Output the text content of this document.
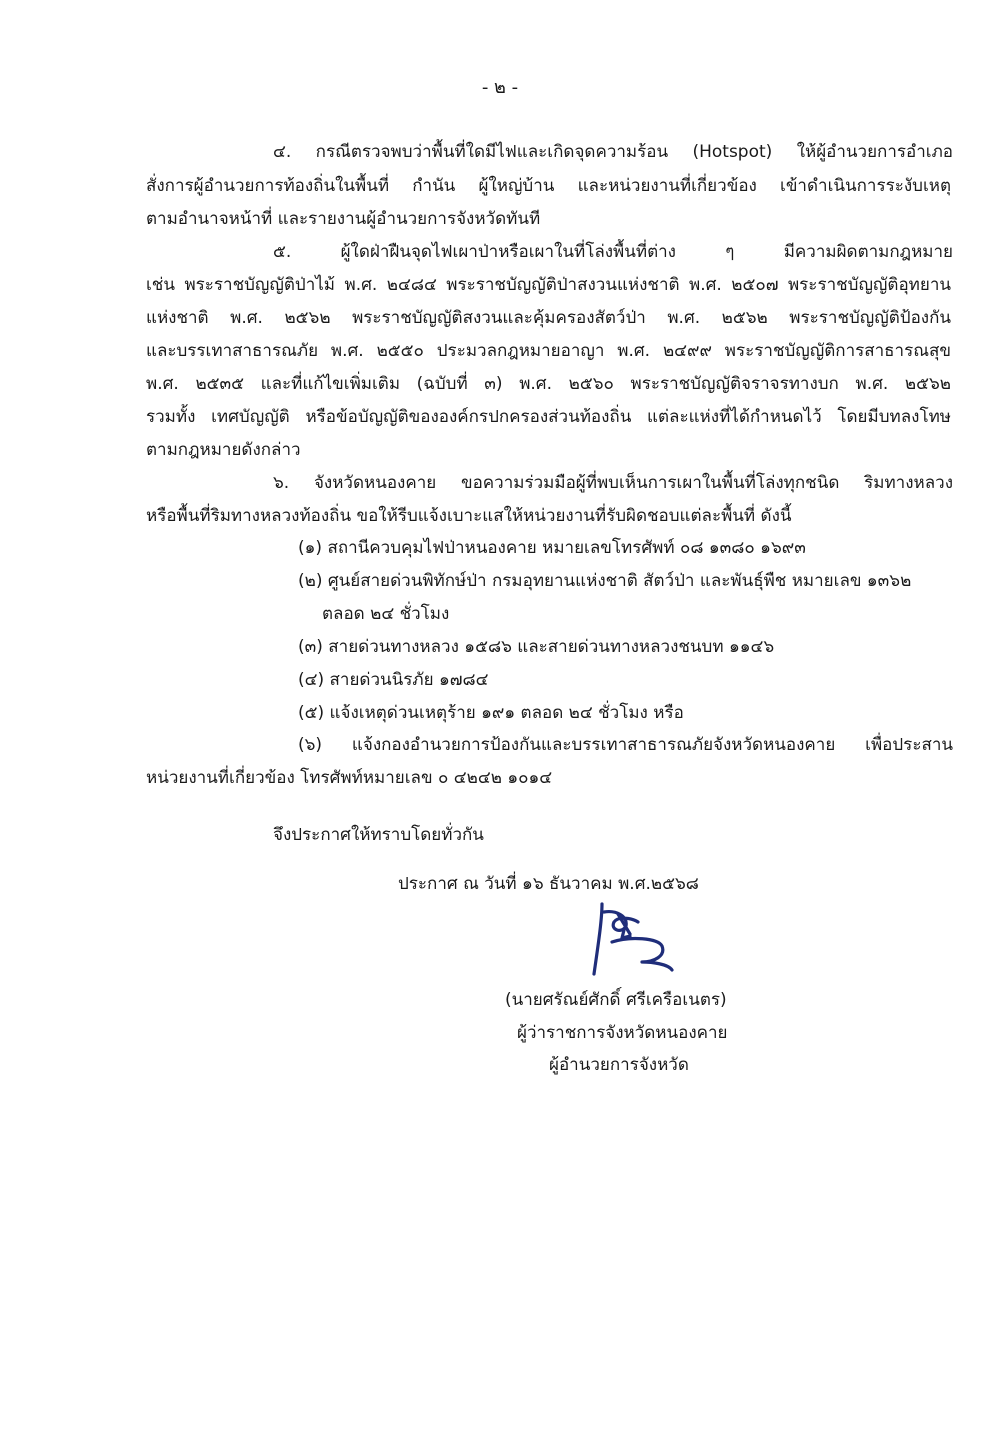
- ๒ -
๔. กรณีตรวจพบว่าพื้นที่ใดมีไฟและเกิดจุดความร้อน (Hotspot) ให้ผู้อำนวยการอำเภอ
สั่งการผู้อำนวยการท้องถิ่นในพื้นที่ กำนัน ผู้ใหญ่บ้าน และหน่วยงานที่เกี่ยวข้อง เข้าดำเนินการระงับเหตุ
ตามอำนาจหน้าที่ และรายงานผู้อำนวยการจังหวัดทันที
๕. ผู้ใดฝ่าฝืนจุดไฟเผาป่าหรือเผาในที่โล่งพื้นที่ต่าง ๆ มีความผิดตามกฎหมาย
เช่น พระราชบัญญัติป่าไม้ พ.ศ. ๒๔๘๔ พระราชบัญญัติป่าสงวนแห่งชาติ พ.ศ. ๒๕๐๗ พระราชบัญญัติอุทยาน
แห่งชาติ พ.ศ. ๒๕๖๒ พระราชบัญญัติสงวนและคุ้มครองสัตว์ป่า พ.ศ. ๒๕๖๒ พระราชบัญญัติป้องกัน
และบรรเทาสาธารณภัย พ.ศ. ๒๕๕๐ ประมวลกฎหมายอาญา พ.ศ. ๒๔๙๙ พระราชบัญญัติการสาธารณสุข
พ.ศ. ๒๕๓๕ และที่แก้ไขเพิ่มเติม (ฉบับที่ ๓) พ.ศ. ๒๕๖๐ พระราชบัญญัติจราจรทางบก พ.ศ. ๒๕๖๒
รวมทั้ง เทศบัญญัติ หรือข้อบัญญัติขององค์กรปกครองส่วนท้องถิ่น แต่ละแห่งที่ได้กำหนดไว้ โดยมีบทลงโทษ
ตามกฎหมายดังกล่าว
๖. จังหวัดหนองคาย ขอความร่วมมือผู้ที่พบเห็นการเผาในพื้นที่โล่งทุกชนิด ริมทางหลวง
หรือพื้นที่ริมทางหลวงท้องถิ่น ขอให้รีบแจ้งเบาะแสให้หน่วยงานที่รับผิดชอบแต่ละพื้นที่ ดังนี้
(๑) สถานีควบคุมไฟป่าหนองคาย หมายเลขโทรศัพท์ ๐๘ ๑๓๘๐ ๑๖๙๓
(๒) ศูนย์สายด่วนพิทักษ์ป่า กรมอุทยานแห่งชาติ สัตว์ป่า และพันธุ์พืช หมายเลข ๑๓๖๒
ตลอด ๒๔ ชั่วโมง
(๓) สายด่วนทางหลวง ๑๕๘๖ และสายด่วนทางหลวงชนบท ๑๑๔๖
(๔) สายด่วนนิรภัย ๑๗๘๔
(๕) แจ้งเหตุด่วนเหตุร้าย ๑๙๑ ตลอด ๒๔ ชั่วโมง หรือ
(๖) แจ้งกองอำนวยการป้องกันและบรรเทาสาธารณภัยจังหวัดหนองคาย เพื่อประสาน
หน่วยงานที่เกี่ยวข้อง โทรศัพท์หมายเลข ๐ ๔๒๔๒ ๑๐๑๔
จึงประกาศให้ทราบโดยทั่วกัน
ประกาศ ณ วันที่ ๑๖ ธันวาคม พ.ศ.๒๕๖๘
(นายศรัณย์ศักดิ์ ศรีเครือเนตร)
ผู้ว่าราชการจังหวัดหนองคาย
ผู้อำนวยการจังหวัด
